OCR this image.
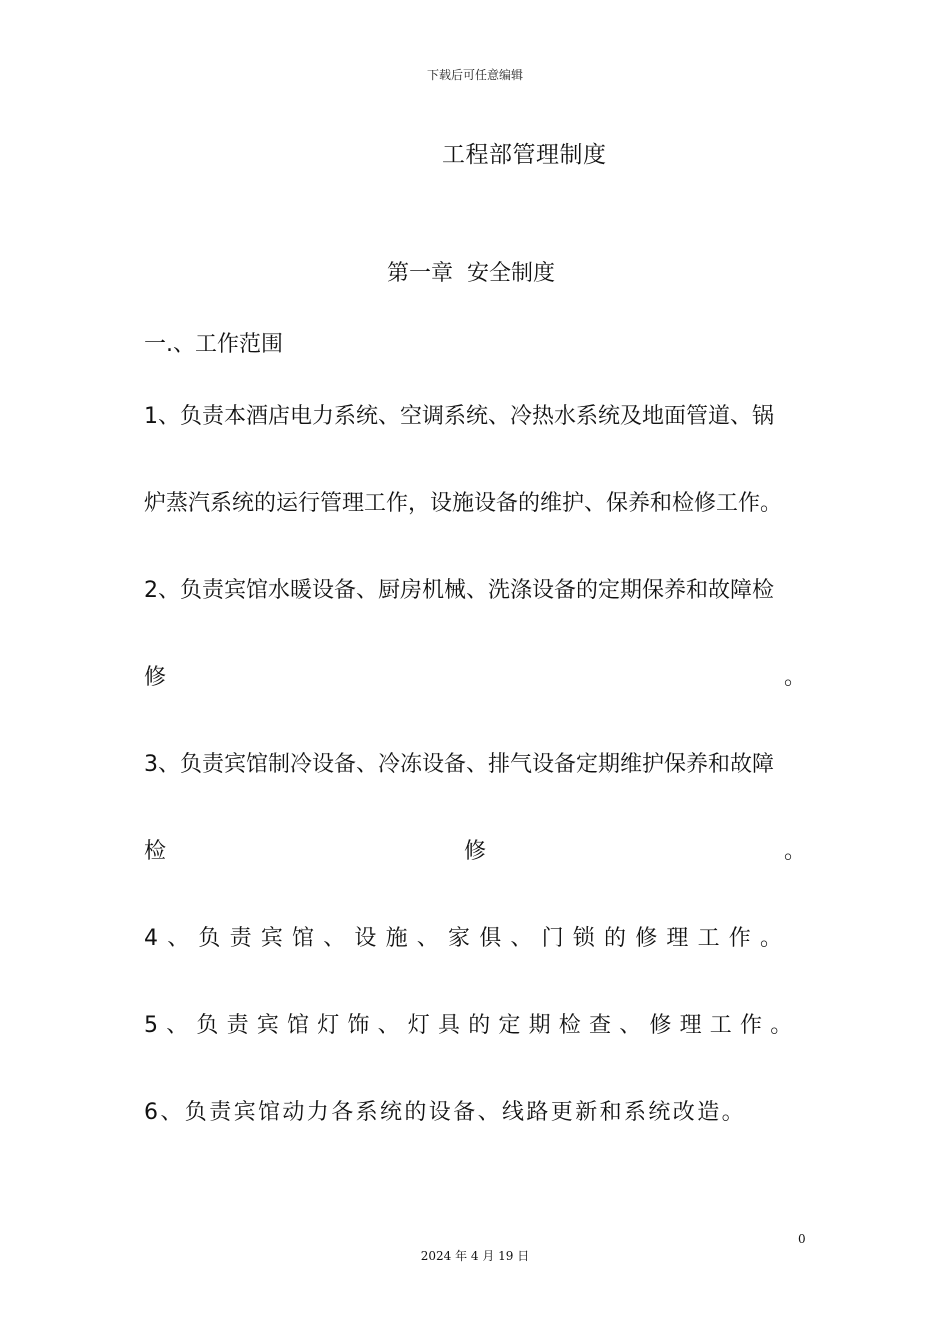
下载后可任意编辑
工程部管理制度
第一章 安全制度
一.、工作范围
1、负责本酒店电力系统、空调系统、冷热水系统及地面管道、锅
炉蒸汽系统的运行管理工作，设施设备的维护、保养和检修工作。
2、负责宾馆水暖设备、厨房机械、洗涤设备的定期保养和故障检
修	。
3、负责宾馆制冷设备、冷冻设备、排气设备定期维护保养和故障
检	修	。
4、负责宾馆、设施、家俱、门锁的修理工作。
5、负责宾馆灯饰、灯具的定期检查、修理工作。
6、负责宾馆动力各系统的设备、线路更新和系统改造。
0
2024 年 4 月 19 日
